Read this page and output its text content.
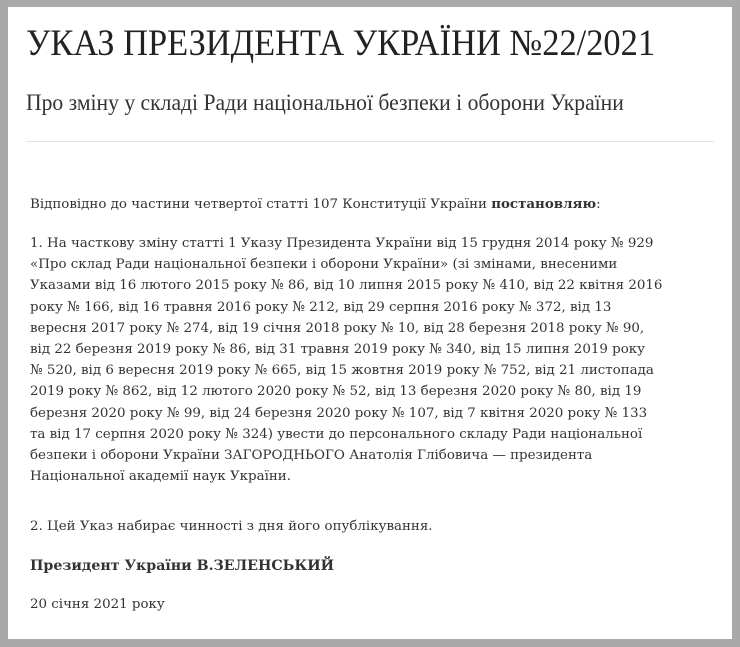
УКАЗ ПРЕЗИДЕНТА УКРАЇНИ №22/2021
Про зміну у складі Ради національної безпеки і оборони України

Відповідно до частини четвертої статті 107 Конституції України постановляю:

1. На часткову зміну статті 1 Указу Президента України від 15 грудня 2014 року № 929
«Про склад Ради національної безпеки і оборони України» (зі змінами, внесеними
Указами від 16 лютого 2015 року № 86, від 10 липня 2015 року № 410, від 22 квітня 2016
року № 166, від 16 травня 2016 року № 212, від 29 серпня 2016 року № 372, від 13
вересня 2017 року № 274, від 19 січня 2018 року № 10, від 28 березня 2018 року № 90,
від 22 березня 2019 року № 86, від 31 травня 2019 року № 340, від 15 липня 2019 року
№ 520, від 6 вересня 2019 року № 665, від 15 жовтня 2019 року № 752, від 21 листопада
2019 року № 862, від 12 лютого 2020 року № 52, від 13 березня 2020 року № 80, від 19
березня 2020 року № 99, від 24 березня 2020 року № 107, від 7 квітня 2020 року № 133
та від 17 серпня 2020 року № 324) увести до персонального складу Ради національної
безпеки і оборони України ЗАГОРОДНЬОГО Анатолія Глібовича — президента
Національної академії наук України.

2. Цей Указ набирає чинності з дня його опублікування.

Президент України В.ЗЕЛЕНСЬКИЙ

20 січня 2021 року
